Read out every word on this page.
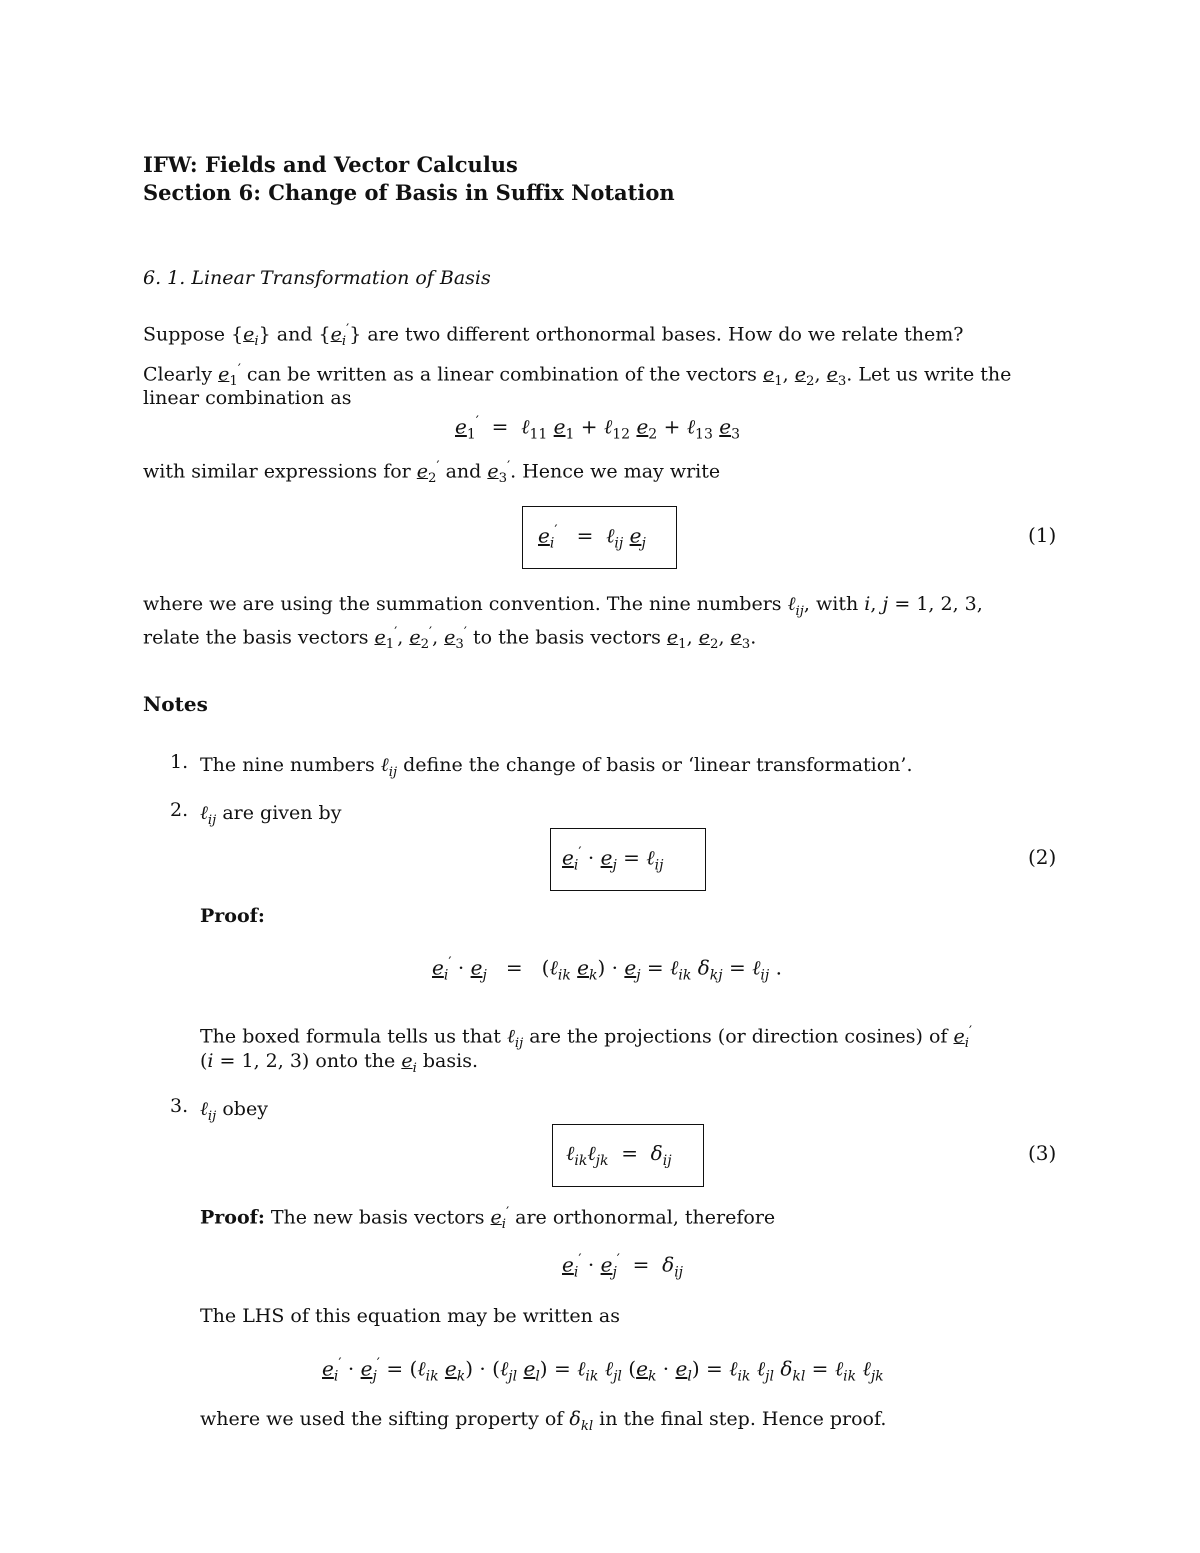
IFW: Fields and Vector Calculus
Section 6: Change of Basis in Suffix Notation
6. 1. Linear Transformation of Basis
Suppose $\{e_i\}$ and $\{e_i'\}$ are two different orthonormal bases. How do we relate them?
Clearly $e_1'$ can be written as a linear combination of the vectors $e_1$, $e_2$, $e_3$. Let us write the
linear combination as
$e_1'$  =  ℓ$_{11}$ $e_1$ + ℓ$_{12}$ $e_2$ + ℓ$_{13}$ $e_3$
with similar expressions for $e_2'$ and $e_3'$. Hence we may write
$e_i'$   =  ℓ$_{ij}$ $e_j$	(1)
where we are using the summation convention. The nine numbers ℓ$_{ij}$, with i, j = 1, 2, 3,
relate the basis vectors $e_1'$, $e_2'$, $e_3'$ to the basis vectors $e_1$, $e_2$, $e_3$.
Notes
1. The nine numbers ℓ$_{ij}$ define the change of basis or ‘linear transformation’.
2. ℓ$_{ij}$ are given by
$e_i' \cdot e_j$ = ℓ$_{ij}$	(2)
Proof:
$e_i' \cdot e_j$   =   (ℓ$_{ik}$ $e_k) \cdot e_j$ = ℓ$_{ik}$ $\delta_{kj}$ = ℓ$_{ij}$ .
The boxed formula tells us that ℓ$_{ij}$ are the projections (or direction cosines) of $e_i'$
(i = 1, 2, 3) onto the $e_i$ basis.
3. ℓ$_{ij}$ obey
ℓ$_{ik}$ℓ$_{jk}$  =  $\delta_{ij}$	(3)
Proof: The new basis vectors $e_i'$ are orthonormal, therefore
$e_i' \cdot e_j' = \delta_{ij}$
The LHS of this equation may be written as
$e_i' \cdot e_j'$ = (ℓ$_{ik}$ $e_k$) · (ℓ$_{jl}$ $e_l$) = ℓ$_{ik}$ ℓ$_{jl}$ $(e_k \cdot e_l)$ = ℓ$_{ik}$ ℓ$_{jl}$ $\delta_{kl}$ = ℓ$_{ik}$ ℓ$_{jk}$
where we used the sifting property of $\delta_{kl}$ in the final step. Hence proof.
